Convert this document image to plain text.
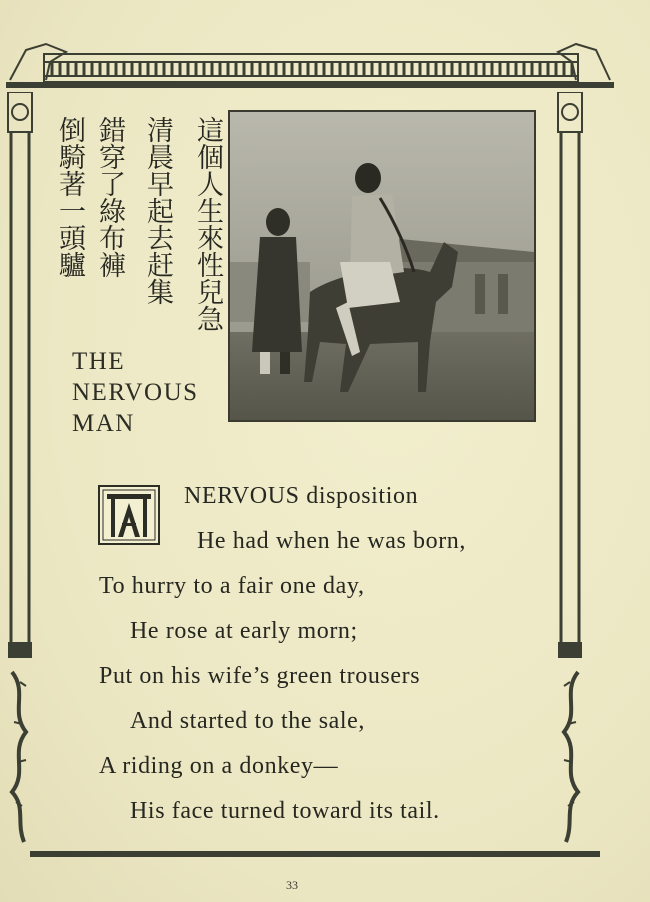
這個人生來性兒急
清晨早起去赶集
錯穿了綠布褲
倒騎著一頭驢
THE
NERVOUS
MAN
A
NERVOUS disposition
He had when he was born,
To hurry to a fair one day,
He rose at early morn;
Put on his wife’s green trousers
And started to the sale,
A riding on a donkey—
His face turned toward its tail.
33
